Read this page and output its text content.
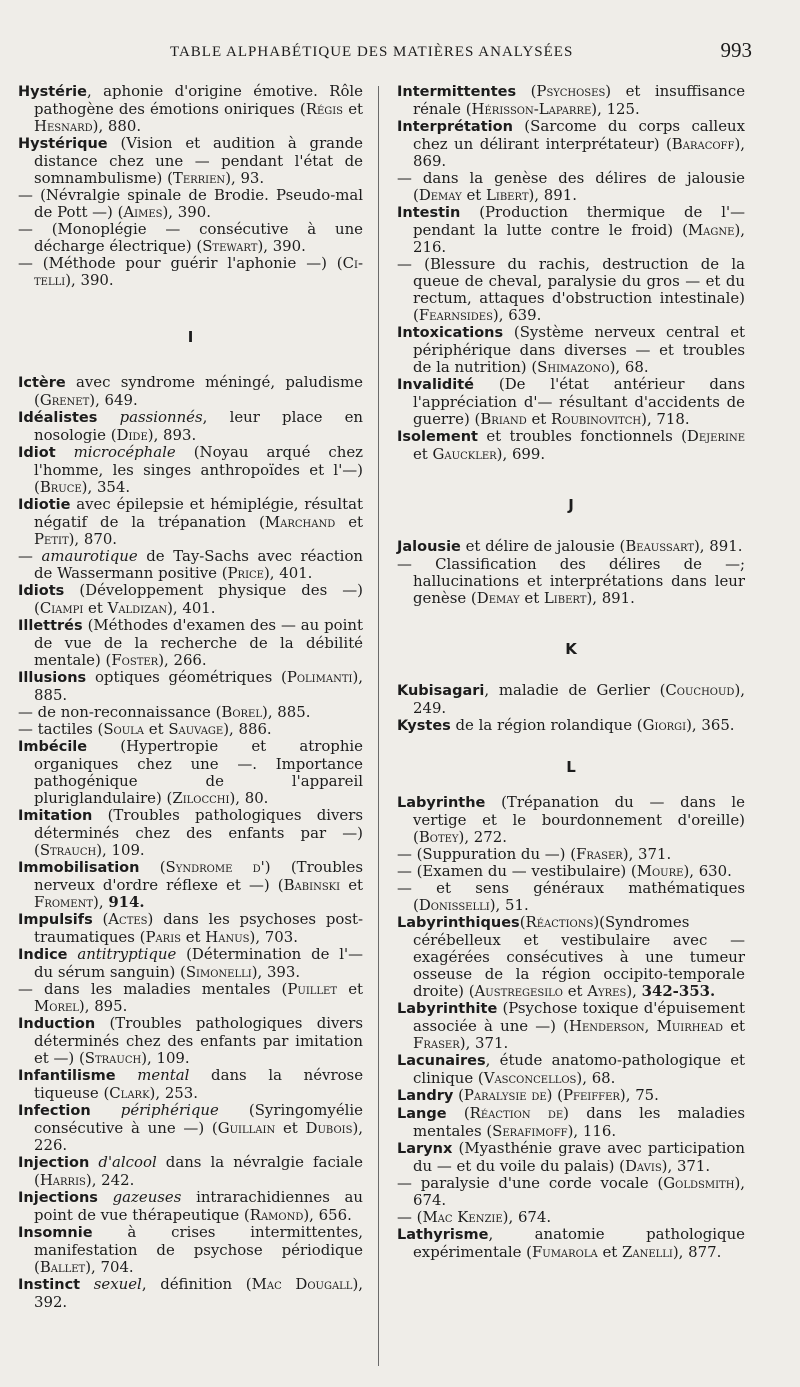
TABLE ALPHABÉTIQUE DES MATIÈRES ANALYSÉES	993

Hystérie, aphonie d'origine émotive. Rôle pathogène des émotions oniriques (Régis et Hesnard), 880.

Hystérique (Vision et audition à grande distance chez une — pendant l'état de somnambulisme) (Terrien), 93.

— (Névralgie spinale de Brodie. Pseudo-mal de Pott —) (Aimes), 390.

— (Monoplégie — consécutive à une décharge électrique) (Stewart), 390.

— (Méthode pour guérir l'aphonie —) (Ci-telli), 390.

I

Ictère avec syndrome méningé, paludisme (Grenet), 649.

Idéalistes passionnés, leur place en nosologie (Dide), 893.

Idiot microcéphale (Noyau arqué chez l'homme, les singes anthropoïdes et l'—) (Bruce), 354.

Idiotie avec épilepsie et hémiplégie, résultat négatif de la trépanation (Marchand et Petit), 870.

— amaurotique de Tay-Sachs avec réaction de Wassermann positive (Price), 401.

Idiots (Développement physique des —) (Ciampi et Valdizan), 401.

Illettrés (Méthodes d'examen des — au point de vue de la recherche de la débilité mentale) (Foster), 266.

Illusions optiques géométriques (Polimanti), 885.

— de non-reconnaissance (Borel), 885.

— tactiles (Soula et Sauvage), 886.

Imbécile (Hypertropie et atrophie organiques chez une —. Importance pathogénique de l'appareil pluriglandulaire) (Zilocchi), 80.

Imitation (Troubles pathologiques divers déterminés chez des enfants par —) (Strauch), 109.

Immobilisation (Syndrome d') (Troubles nerveux d'ordre réflexe et —) (Babinski et Froment), 914.

Impulsifs (Actes) dans les psychoses post-traumatiques (Paris et Hanus), 703.

Indice antitryptique (Détermination de l'— du sérum sanguin) (Simonelli), 393.

— dans les maladies mentales (Puillet et Morel), 895.

Induction (Troubles pathologiques divers déterminés chez des enfants par imitation et —) (Strauch), 109.

Infantilisme mental dans la névrose tiqueuse (Clark), 253.

Infection périphérique (Syringomyélie consécutive à une —) (Guillain et Dubois), 226.

Injection d'alcool dans la névralgie faciale (Harris), 242.

Injections gazeuses intrarachidiennes au point de vue thérapeutique (Ramond), 656.

Insomnie à crises intermittentes, manifestation de psychose périodique (Ballet), 704.

Instinct sexuel, définition (Mac Dougall), 392.

Intermittentes (Psychoses) et insuffisance rénale (Hérisson-Laparre), 125.

Interprétation (Sarcome du corps calleux chez un délirant interprétateur) (Baracoff), 869.

— dans la genèse des délires de jalousie (Demay et Libert), 891.

Intestin (Production thermique de l'— pendant la lutte contre le froid) (Magne), 216.

— (Blessure du rachis, destruction de la queue de cheval, paralysie du gros — et du rectum, attaques d'obstruction intestinale) (Fearnsides), 639.

Intoxications (Système nerveux central et périphérique dans diverses — et troubles de la nutrition) (Shimazono), 68.

Invalidité (De l'état antérieur dans l'appréciation d'— résultant d'accidents de guerre) (Briand et Roubinovitch), 718.

Isolement et troubles fonctionnels (Dejerine et Gauckler), 699.

J

Jalousie et délire de jalousie (Beaussart), 891.

— Classification des délires de —; hallucinations et interprétations dans leur genèse (Demay et Libert), 891.

K

Kubisagari, maladie de Gerlier (Couchoud), 249.

Kystes de la région rolandique (Giorgi), 365.

L

Labyrinthe (Trépanation du — dans le vertige et le bourdonnement d'oreille) (Botey), 272.

— (Suppuration du —) (Fraser), 371.

— (Examen du — vestibulaire) (Moure), 630.

— et sens généraux mathématiques (Donisselli), 51.

Labyrinthiques(Réactions)(Syndromes cérébelleux et vestibulaire avec — exagérées consécutives à une tumeur osseuse de la région occipito-temporale droite) (Austregesilo et Ayres), 342-353.

Labyrinthite (Psychose toxique d'épuisement associée à une —) (Henderson, Muirhead et Fraser), 371.

Lacunaires, étude anatomo-pathologique et clinique (Vasconcellos), 68.

Landry (Paralysie de) (Pfeiffer), 75.

Lange (Réaction de) dans les maladies mentales (Serafimoff), 116.

Larynx (Myasthénie grave avec participation du — et du voile du palais) (Davis), 371.

— paralysie d'une corde vocale (Goldsmith), 674.

— (Mac Kenzie), 674.

Lathyrisme, anatomie pathologique expérimentale (Fumarola et Zanelli), 877.
